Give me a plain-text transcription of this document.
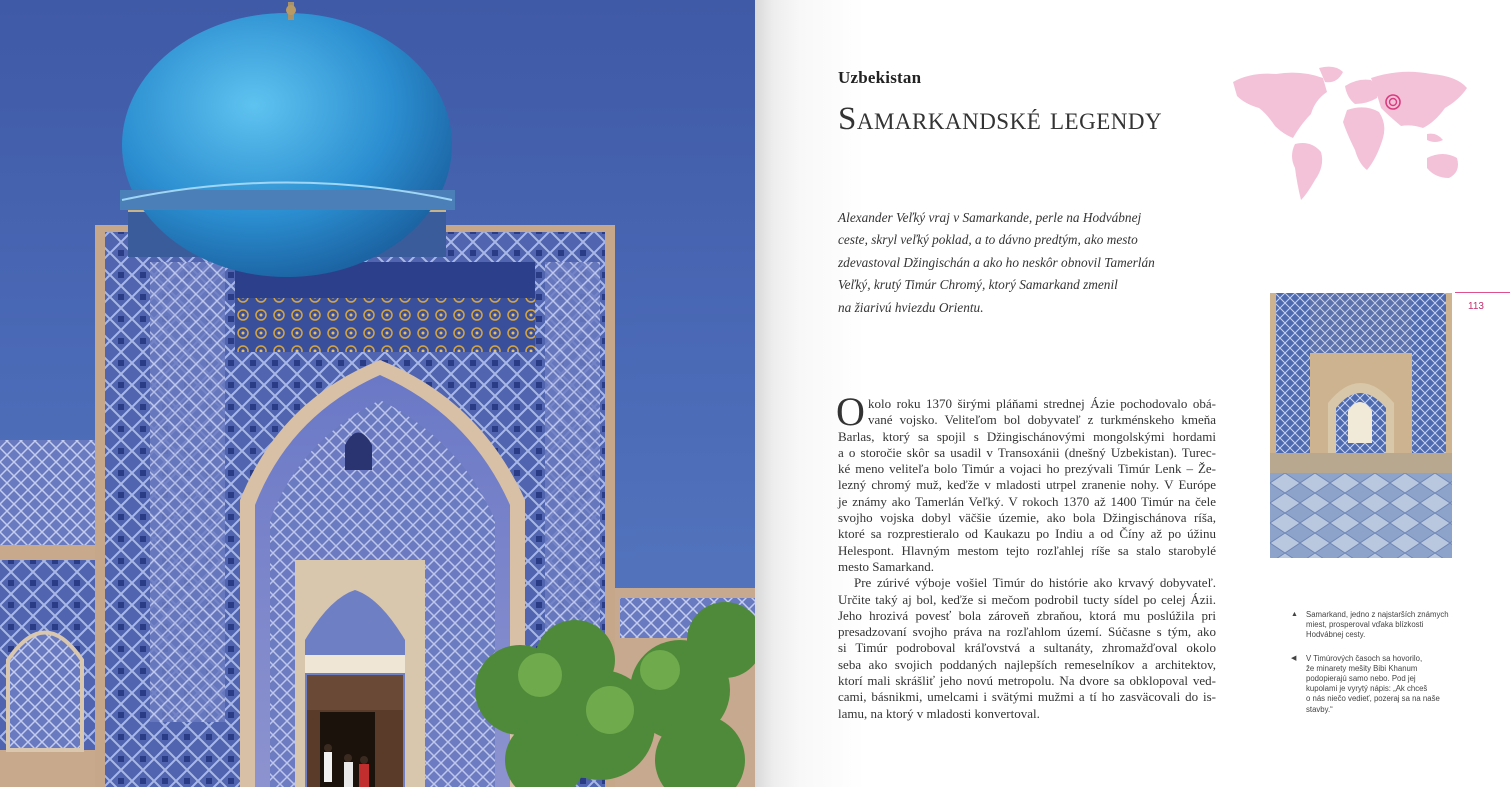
Uzbekistan
Samarkandské legendy
Alexander Veľký vraj v Samarkande, perle na Hodvábnej
ceste, skryl veľký poklad, a to dávno predtým, ako mesto
zdevastoval Džingischán a ako ho neskôr obnovil Tamerlán
Veľký, krutý Timúr Chromý, ktorý Samarkand zmenil
na žiarivú hviezdu Orientu.
O kolo roku 1370 širými pláňami strednej Ázie pochodovalo obá-
vané vojsko. Veliteľom bol dobyvateľ z turkménskeho kmeňa
Barlas, ktorý sa spojil s Džingischánovými mongolskými hordami
a o storočie skôr sa usadil v Transoxánii (dnešný Uzbekistan). Turec-
ké meno veliteľa bolo Timúr a vojaci ho prezývali Timúr Lenk – Že-
lezný chromý muž, keďže v mladosti utrpel zranenie nohy. V Európe
je známy ako Tamerlán Veľký. V rokoch 1370 až 1400 Timúr na čele
svojho vojska dobyl väčšie územie, ako bola Džingischánova ríša,
ktoré sa rozprestieralo od Kaukazu po Indiu a od Číny až po úžinu
Helespont. Hlavným mestom tejto rozľahlej ríše sa stalo starobylé
mesto Samarkand.
Pre zúrivé výboje vošiel Timúr do histórie ako krvavý dobyvateľ.
Určite taký aj bol, keďže si mečom podrobil tucty sídel po celej Ázii.
Jeho hrozivá povesť bola zároveň zbraňou, ktorá mu poslúžila pri
presadzovaní svojho práva na rozľahlom území. Súčasne s tým, ako
si Timúr podroboval kráľovstvá a sultanáty, zhromažďoval okolo
seba ako svojich poddaných najlepších remeselníkov a architektov,
ktorí mali skrášliť jeho novú metropolu. Na dvore sa obklopoval ved-
cami, básnikmi, umelcami i svätými mužmi a tí ho zasväcovali do is-
lamu, na ktorý v mladosti konvertoval.
113
▲ Samarkand, jedno z najstarších známych
miest, prosperoval vďaka blízkosti
Hodvábnej cesty.
◀ V Timúrových časoch sa hovorilo,
že minarety mešity Bibi Khanum
podopierajú samo nebo. Pod jej
kupolami je vyrytý nápis: „Ak chceš
o nás niečo vedieť, pozeraj sa na naše
stavby.“
